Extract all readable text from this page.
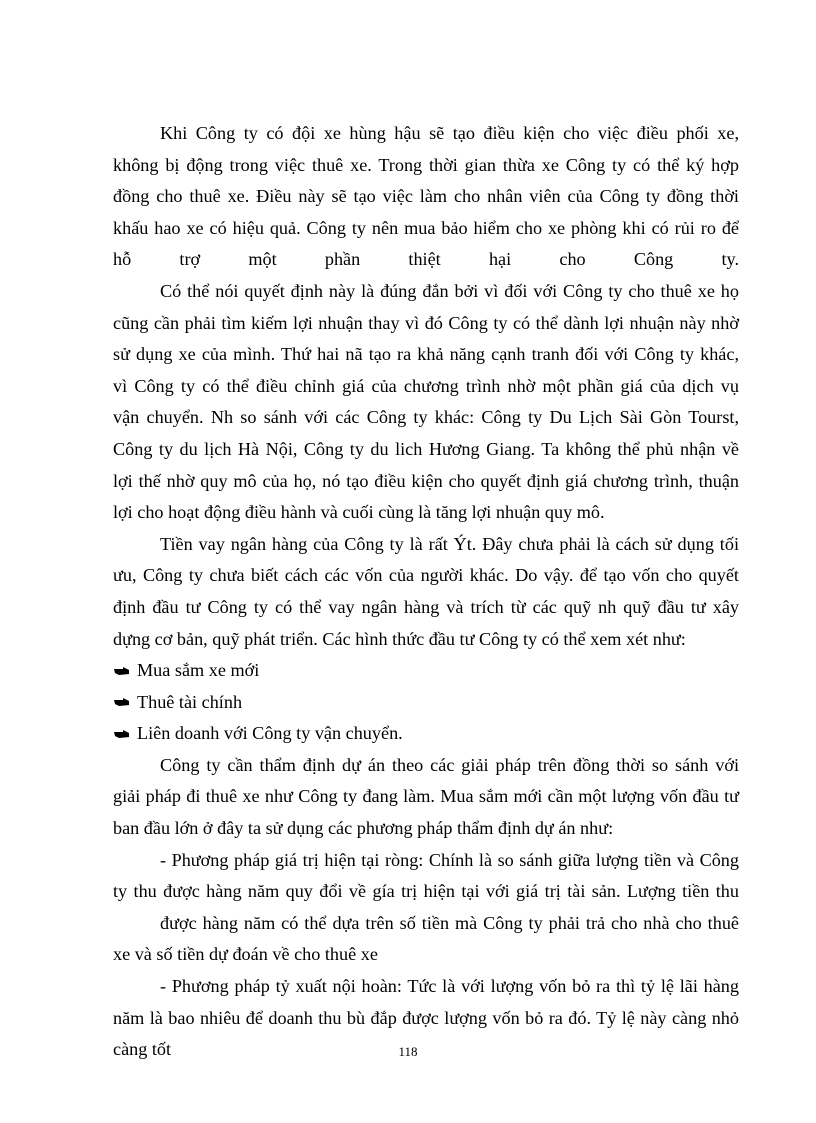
Khi Công ty có đội xe hùng hậu sẽ tạo điều kiện cho việc điều phối xe,
không bị động trong việc thuê xe. Trong thời gian thừa xe Công ty có thể ký hợp
đồng cho thuê xe. Điều này sẽ tạo việc làm cho nhân viên của Công ty đồng thời
khấu hao xe có hiệu quả. Công ty nên mua bảo hiểm cho xe phòng khi có rủi ro để
hỗ trợ một phần thiệt hại cho Công ty.
Có thể nói quyết định này là đúng đắn bởi vì đối với Công ty cho thuê xe họ
cũng cần phải tìm kiếm lợi nhuận thay vì đó Công ty có thể dành lợi nhuận này nhờ
sử dụng xe của mình. Thứ hai nã tạo ra khả năng cạnh tranh đối với Công ty khác,
vì Công ty có thể điều chỉnh giá của chương trình nhờ một phần giá của dịch vụ
vận chuyển. Nh so sánh với các Công ty khác: Công ty Du Lịch Sài Gòn Tourst,
Công ty du lịch Hà Nội, Công ty du lich Hương Giang. Ta không thể phủ nhận về
lợi thế nhờ quy mô của họ, nó tạo điều kiện cho quyết định giá chương trình, thuận
lợi cho hoạt động điều hành và cuối cùng là tăng lợi nhuận quy mô.
Tiền vay ngân hàng của Công ty là rất Ýt. Đây chưa phải là cách sử dụng tối
ưu, Công ty chưa biết cách các vốn của người khác. Do vậy. để tạo vốn cho quyết
định đầu tư Công ty có thể vay ngân hàng và trích từ các quỹ nh quỹ đầu tư xây
dựng cơ bản, quỹ phát triển. Các hình thức đầu tư Công ty có thể xem xét như:
Mua sắm xe mới
Thuê tài chính
Liên doanh với Công ty vận chuyển.
Công ty cần thẩm định dự án theo các giải pháp trên đồng thời so sánh với
giải pháp đi thuê xe như Công ty đang làm. Mua sắm mới cần một lượng vốn đầu tư
ban đầu lớn ở đây ta sử dụng các phương pháp thẩm định dự án như:
- Phương pháp giá trị hiện tại ròng: Chính là so sánh giữa lượng tiền và Công
ty thu được hàng năm quy đổi về gía trị hiện tại với giá trị tài sản. Lượng tiền thu
được hàng năm có thể dựa trên số tiền mà Công ty phải trả cho nhà cho thuê
xe và số tiền dự đoán về cho thuê xe
- Phương pháp tỷ xuất nội hoàn: Tức là với lượng vốn bỏ ra thì tỷ lệ lãi hàng
năm là bao nhiêu để doanh thu bù đắp được lượng vốn bỏ ra đó. Tỷ lệ này càng nhỏ
càng tốt	118
